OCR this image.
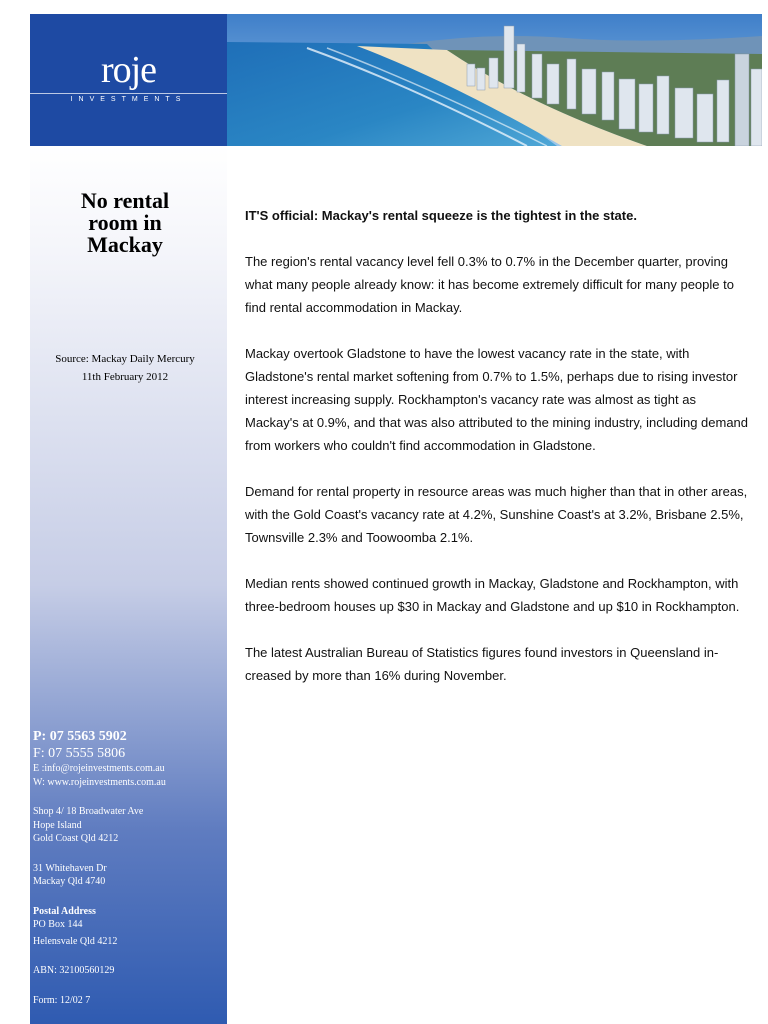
roje
INVESTMENTS
No rental
room in
Mackay
Source: Mackay Daily Mercury
11th February 2012
P: 07 5563 5902
F: 07 5555 5806
E :info@rojeinvestments.com.au
W: www.rojeinvestments.com.au
Shop 4/ 18 Broadwater Ave
Hope Island
Gold Coast Qld 4212
31 Whitehaven Dr
Mackay Qld 4740
Postal Address
PO Box 144
Helensvale Qld 4212
ABN: 32100560129
Form: 12/02 7

IT'S official: Mackay's rental squeeze is the tightest in the state.

The region's rental vacancy level fell 0.3% to 0.7% in the December quarter, proving what many people already know: it has become extremely difficult for many people to find rental accommodation in Mackay.

Mackay overtook Gladstone to have the lowest vacancy rate in the state, with Gladstone's rental market softening from 0.7% to 1.5%, perhaps due to rising investor interest increasing supply. Rockhampton's vacancy rate was almost as tight as Mackay's at 0.9%, and that was also attributed to the mining industry, including demand from workers who couldn't find accommodation in Gladstone.

Demand for rental property in resource areas was much higher than that in other areas, with the Gold Coast's vacancy rate at 4.2%, Sunshine Coast's at 3.2%, Brisbane 2.5%, Townsville 2.3% and Toowoomba 2.1%.

Median rents showed continued growth in Mackay, Gladstone and Rockhampton, with three-bedroom houses up $30 in Mackay and Gladstone and up $10 in Rockhampton.

The latest Australian Bureau of Statistics figures found investors in Queensland in-creased by more than 16% during November.
